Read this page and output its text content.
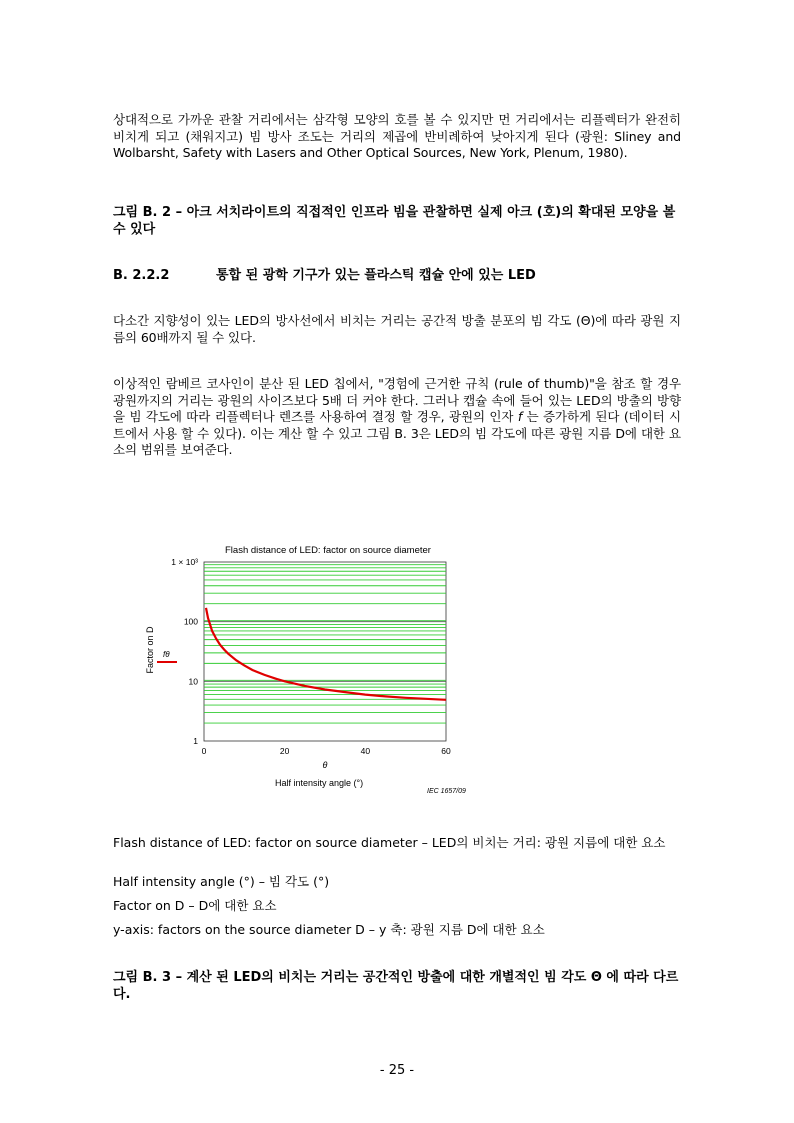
상대적으로 가까운 관찰 거리에서는 삼각형 모양의 호를 볼 수 있지만 먼 거리에서는 리플렉터가 완전히 비치게 되고 (채워지고) 빔 방사 조도는 거리의 제곱에 반비례하여 낮아지게 된다 (광원: Sliney and Wolbarsht, Safety with Lasers and Other Optical Sources, New York, Plenum, 1980).
그림 B. 2 – 아크 서치라이트의 직접적인 인프라 빔을 관찰하면 실제 아크 (호)의 확대된 모양을 볼 수 있다
B. 2.2.2	통합 된 광학 기구가 있는 플라스틱 캡슐 안에 있는 LED
다소간 지향성이 있는 LED의 방사선에서 비치는 거리는 공간적 방출 분포의 빔 각도 (Θ)에 따라 광원 지름의 60배까지 될 수 있다.
이상적인 람베르 코사인이 분산 된 LED 칩에서, "경험에 근거한 규칙 (rule of thumb)"을 참조 할 경우 광원까지의 거리는 광원의 사이즈보다 5배 더 커야 한다. 그러나 캡슐 속에 들어 있는 LED의 방출의 방향을 빔 각도에 따라 리플렉터나 렌즈를 사용하여 결정 할 경우, 광원의 인자 f 는 증가하게 된다 (데이터 시트에서 사용 할 수 있다). 이는 계산 할 수 있고 그림 B. 3은 LED의 빔 각도에 따른 광원 지름 D에 대한 요소의 범위를 보여준다.
Flash distance of LED: factor on source diameter
1
10
100
1 × 10³
0	20	40	60
Factor on D fθ
θ
Half intensity angle (°)
IEC 1657/09
Flash distance of LED: factor on source diameter – LED의 비치는 거리: 광원 지름에 대한 요소
Half intensity angle (°) – 빔 각도 (°)
Factor on D – D에 대한 요소
y-axis: factors on the source diameter D – y 축: 광원 지름 D에 대한 요소
그림 B. 3 – 계산 된 LED의 비치는 거리는 공간적인 방출에 대한 개별적인 빔 각도 Θ 에 따라 다르다.
- 25 -
